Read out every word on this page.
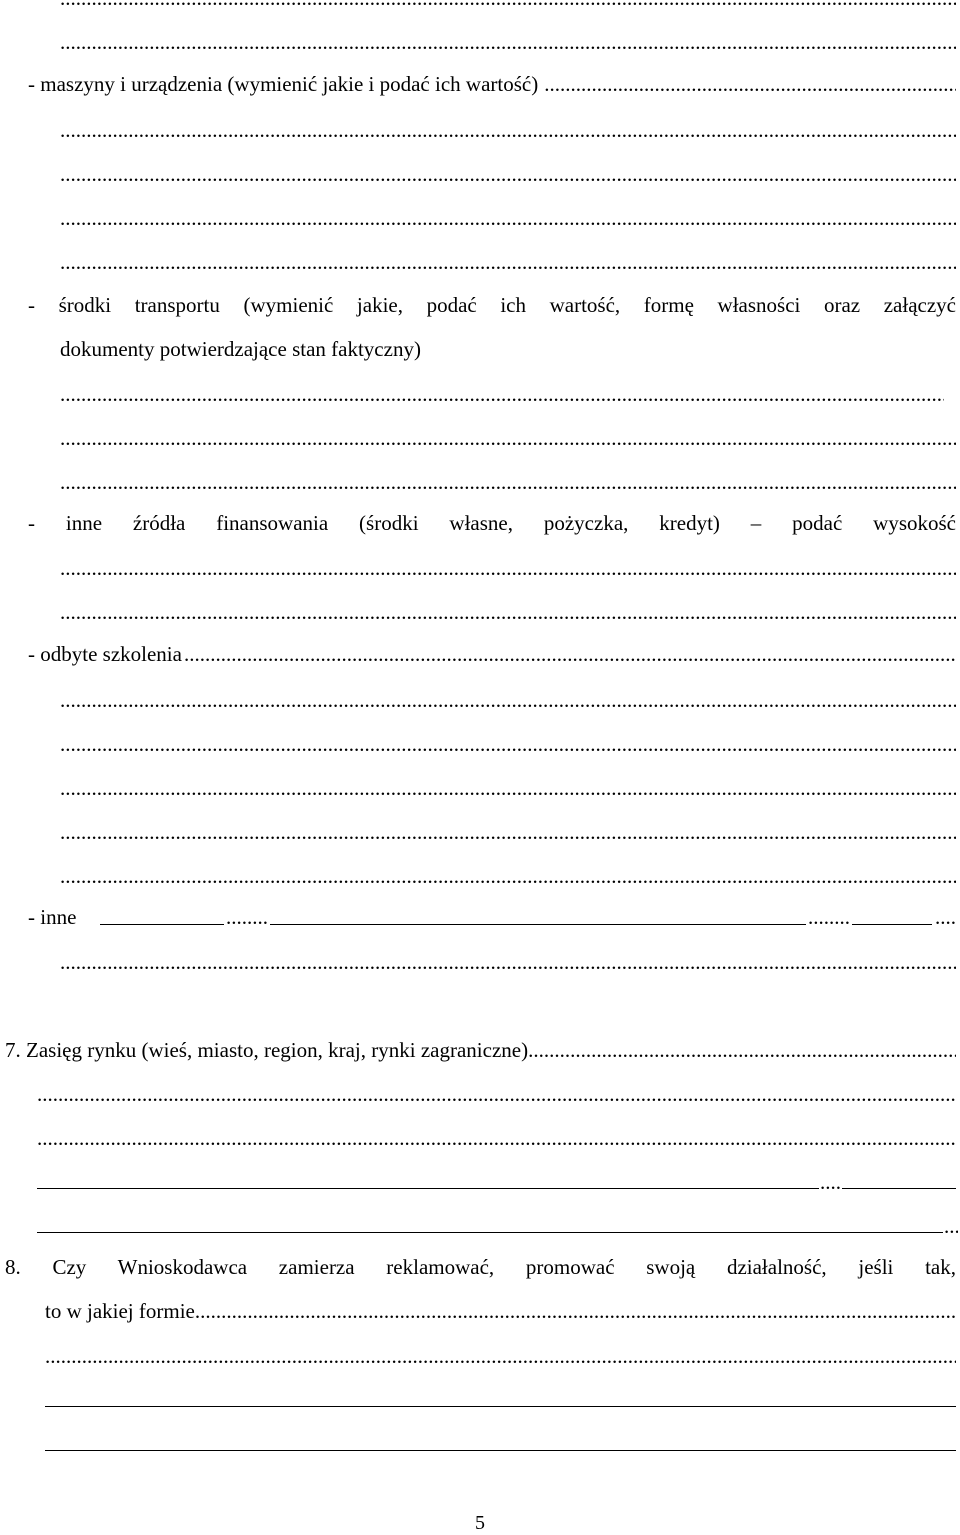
.....
.....
- maszyny i urządzenia (wymienić jakie i podać ich wartość)
.....
.....
.....
.....
.....
- środki transportu (wymienić jakie, podać ich wartość, formę własności oraz załączyć
dokumenty potwierdzające stan faktyczny)
.....
.....
.....
- inne źródła finansowania (środki własne, pożyczka, kredyt) – podać wysokość
.....
.....
- odbyte szkolenia
.....
.....
.....
.....
.....
.....
- inne
.....
.....
.....
.....
7. Zasięg rynku (wieś, miasto, region, kraj, rynki zagraniczne)
.....
.....
.....
.....
.....
8. Czy Wnioskodawca zamierza reklamować, promować swoją działalność, jeśli tak,
to w jakiej formie
.....
.....
5
